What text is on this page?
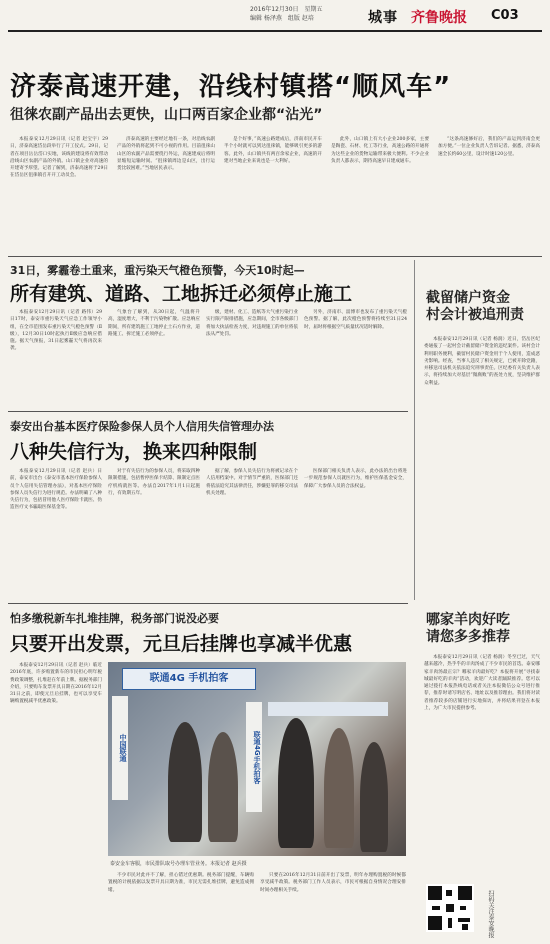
2016年12月30日　星期五
编辑 杨泽燕　组版 赵培	城事 齐鲁晚报 C03
济泰高速开建，沿线村镇搭“顺风车”
徂徕农副产品出去更快，山口两百家企业都“沾光”

本报泰安12月29日讯（记者 赵宝宇）29日，济泰高速岱岳段举行了开工仪式。29日，记者在项目岳岳岱口实地，该线的建设将有效带动沿线山区农副产品的外销。山口镇企业对高速的开建寄予厚望。记者了解到，济泰高速将于29日在岱岳区徂徕镇召开开工动员会。

济泰高速的主要经过地有一条，对沿线农副产品的外销将起到不可小视的作用。目前徂徕山山区的农副产品需要绕行外运，高速建成后将明显缩短运输时间。“徂徕镇周边是山区，出行运货比较困难。”当地居民表示。

是个好事，”高速公路建成后，济南市民开车半个小时就可以到达徂徕镇，能够吸引更多的游客。此外，山口镇共有两百余家企业，高速的开建对当地企业来说也是一大利好。

此外，山口镇上有大小企业200多家，主要是陶瓷、石材、化工等行业，高速公路的开通将为这些企业的货物运输带来极大便利。不少企业负责人都表示，期待高速早日建成通车。

“这条高速修好后，我们的产品运到济南会更加方便。”一位企业负责人告诉记者。据悉，济泰高速全长约60公里，设计时速120公里。

31日，雾霾卷土重来，重污染天气橙色预警，今天10时起—
所有建筑、道路、工地拆迁必须停止施工

本报泰安12月29日讯（记者 路伟）29日17时，泰安市重污染天气应急工作领导小组，在全市范围发布重污染天气橙色预警（Ⅱ级），12月30日10时起执行Ⅱ级应急响应措施。据天气预报，31日起雾霾天气将再次来袭。

气象台了解到，从30日起，气温将升高，湿度增大，不利于污染物扩散。应急响应期间，所有建筑施工工地停止土石方作业，道路施工、拆迁施工必须停止。

级，建材、化工、造纸等大气重污染行业实行限产限排措施，应急期间，全市各级部门将加大执法检查力度，对违规施工的单位将依法从严处罚。

另外，济南市、淄博市也发布了重污染天气橙色预警。据了解，此次橙色预警将持续至31日24时，届时将根据空气质量状况适时解除。

截留储户资金
村会计被追刑责

本报泰安12月29日讯（记者 杨润）近日，岱岳区纪委通报了一起村会计截留储户资金的违纪案件。该村会计利用职务便利，截留村民储户资金用于个人使用，造成恶劣影响。经查，当事人违反了相关规定，已被开除党籍，并移送司法机关依法追究刑事责任。区纪委有关负责人表示，将持续加大对基层“微腐败”的查处力度，坚决维护群众利益。

泰安出台基本医疗保险参保人员个人信用失信管理办法
八种失信行为，换来四种限制

本报泰安12月29日讯（记者 赵兵）日前，泰安市出台《泰安市基本医疗保险参保人员个人信用失信管理办法》，对基本医疗保险参保人员失信行为进行规范。办法明确了八种失信行为，包括冒用他人医疗保险卡就医、伪造医疗文书骗取医保基金等。

对于有失信行为的参保人员，将采取四种限制措施，包括暂停医保卡结算、限制定点医疗机构就医等。办法自2017年1月1日起施行，有效期五年。

据了解，参保人员失信行为将被记录在个人信用档案中。对于情节严重的，医保部门还将依法追究其法律责任，涉嫌犯罪的移交司法机关处理。

医保部门相关负责人表示，此办法的出台将进一步规范参保人员就医行为，维护医保基金安全，保障广大参保人员的合法权益。

哪家羊肉好吃
请您多多推荐

本报泰安12月29日讯（记者 杨润）冬至已过，天气越来越冷，热乎乎的羊肉汤成了不少市民的首选。泰安哪家羊肉汤最正宗？哪家羊肉最好吃？本报将开展“寻找泰城最好吃的羊肉”活动，欢迎广大读者踊跃推荐。您可以通过拨打本报热线电话或者关注本报微信公众号进行推荐，推荐时请写明店名、地址以及推荐理由。我们将对读者推荐较多的店铺进行实地探访，并将结果刊登在本报上，为广大市民提供参考。

扫码关注泰安晚报
怕多缴税新车扎堆挂牌，税务部门说没必要
只要开出发票，元旦后挂牌也享减半优惠

本报泰安12月29日讯（记者 赵兵）临近2016年底，许多购置新车的市民担心明年税费政策调整，扎堆赶在年前上牌。据税务部门介绍，只要购车发票开具日期在2016年12月31日之前，即使元旦后挂牌，也可以享受车辆购置税减半优惠政策。

联通4G 手机拍客
中国联通	联通4G手机拍客
泰安金车客服，市民排队取号办理车管业务。本报记者 赵兵摄

不少市民对此并不了解，担心错过优惠期。税务部门提醒，车辆购置税的计税依据以发票开具日期为准，市民无需扎堆挂牌，避免造成拥堵。

只要在2016年12月31日前开出了发票，明年办理购置税的时候都享受减半政策。税务部门工作人员表示，市民可根据自身情况合理安排时间办理相关手续。
